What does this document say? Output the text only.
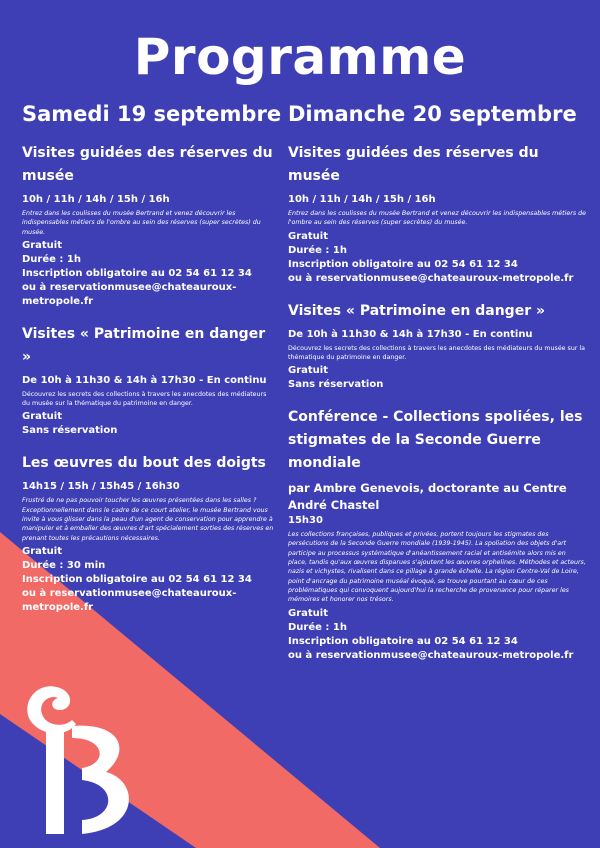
Programme
Samedi 19 septembre
Visites guidées des réserves du musée
10h / 11h / 14h / 15h / 16h
Entrez dans les coulisses du musée Bertrand et venez découvrir les indispensables métiers de l'ombre au sein des réserves (super secrètes) du musée.
Gratuit
Durée : 1h
Inscription obligatoire au 02 54 61 12 34
ou à reservationmusee@chateauroux-metropole.fr
Visites « Patrimoine en danger »
De 10h à 11h30 & 14h à 17h30 - En continu
Découvrez les secrets des collections à travers les anecdotes des médiateurs du musée sur la thématique du patrimoine en danger.
Gratuit
Sans réservation
Les œuvres du bout des doigts
14h15 / 15h / 15h45 / 16h30
Frustré de ne pas pouvoir toucher les œuvres présentées dans les salles ? Exceptionnellement dans le cadre de ce court atelier, le musée Bertrand vous invite à vous glisser dans la peau d'un agent de conservation pour apprendre à manipuler et à emballer des œuvres d'art spécialement sorties des réserves en prenant toutes les précautions nécessaires.
Gratuit
Durée : 30 min
Inscription obligatoire au 02 54 61 12 34
ou à reservationmusee@chateauroux-metropole.fr
Dimanche 20 septembre
Visites guidées des réserves du musée
10h / 11h / 14h / 15h / 16h
Entrez dans les coulisses du musée Bertrand et venez découvrir les indispensables métiers de l'ombre au sein des réserves (super secrètes) du musée.
Gratuit
Durée : 1h
Inscription obligatoire au 02 54 61 12 34
ou à reservationmusee@chateauroux-metropole.fr
Visites « Patrimoine en danger »
De 10h à 11h30 & 14h à 17h30 - En continu
Découvrez les secrets des collections à travers les anecdotes des médiateurs du musée sur la thématique du patrimoine en danger.
Gratuit
Sans réservation
Conférence - Collections spoliées, les stigmates de la Seconde Guerre mondiale
par Ambre Genevois, doctorante au Centre André Chastel
15h30
Les collections françaises, publiques et privées, portent toujours les stigmates des persécutions de la Seconde Guerre mondiale (1939-1945). La spoliation des objets d'art participe au processus systématique d'anéantissement racial et antisémite alors mis en place, tandis qu'aux œuvres disparues s'ajoutent les œuvres orphelines. Méthodes et acteurs, nazis et vichystes, rivalisent dans ce pillage à grande échelle. La région Centre-Val de Loire, point d'ancrage du patrimoine muséal évoqué, se trouve pourtant au cœur de ces problématiques qui convoquent aujourd'hui la recherche de provenance pour réparer les mémoires et honorer nos trésors.
Gratuit
Durée : 1h
Inscription obligatoire au 02 54 61 12 34
ou à reservationmusee@chateauroux-metropole.fr
